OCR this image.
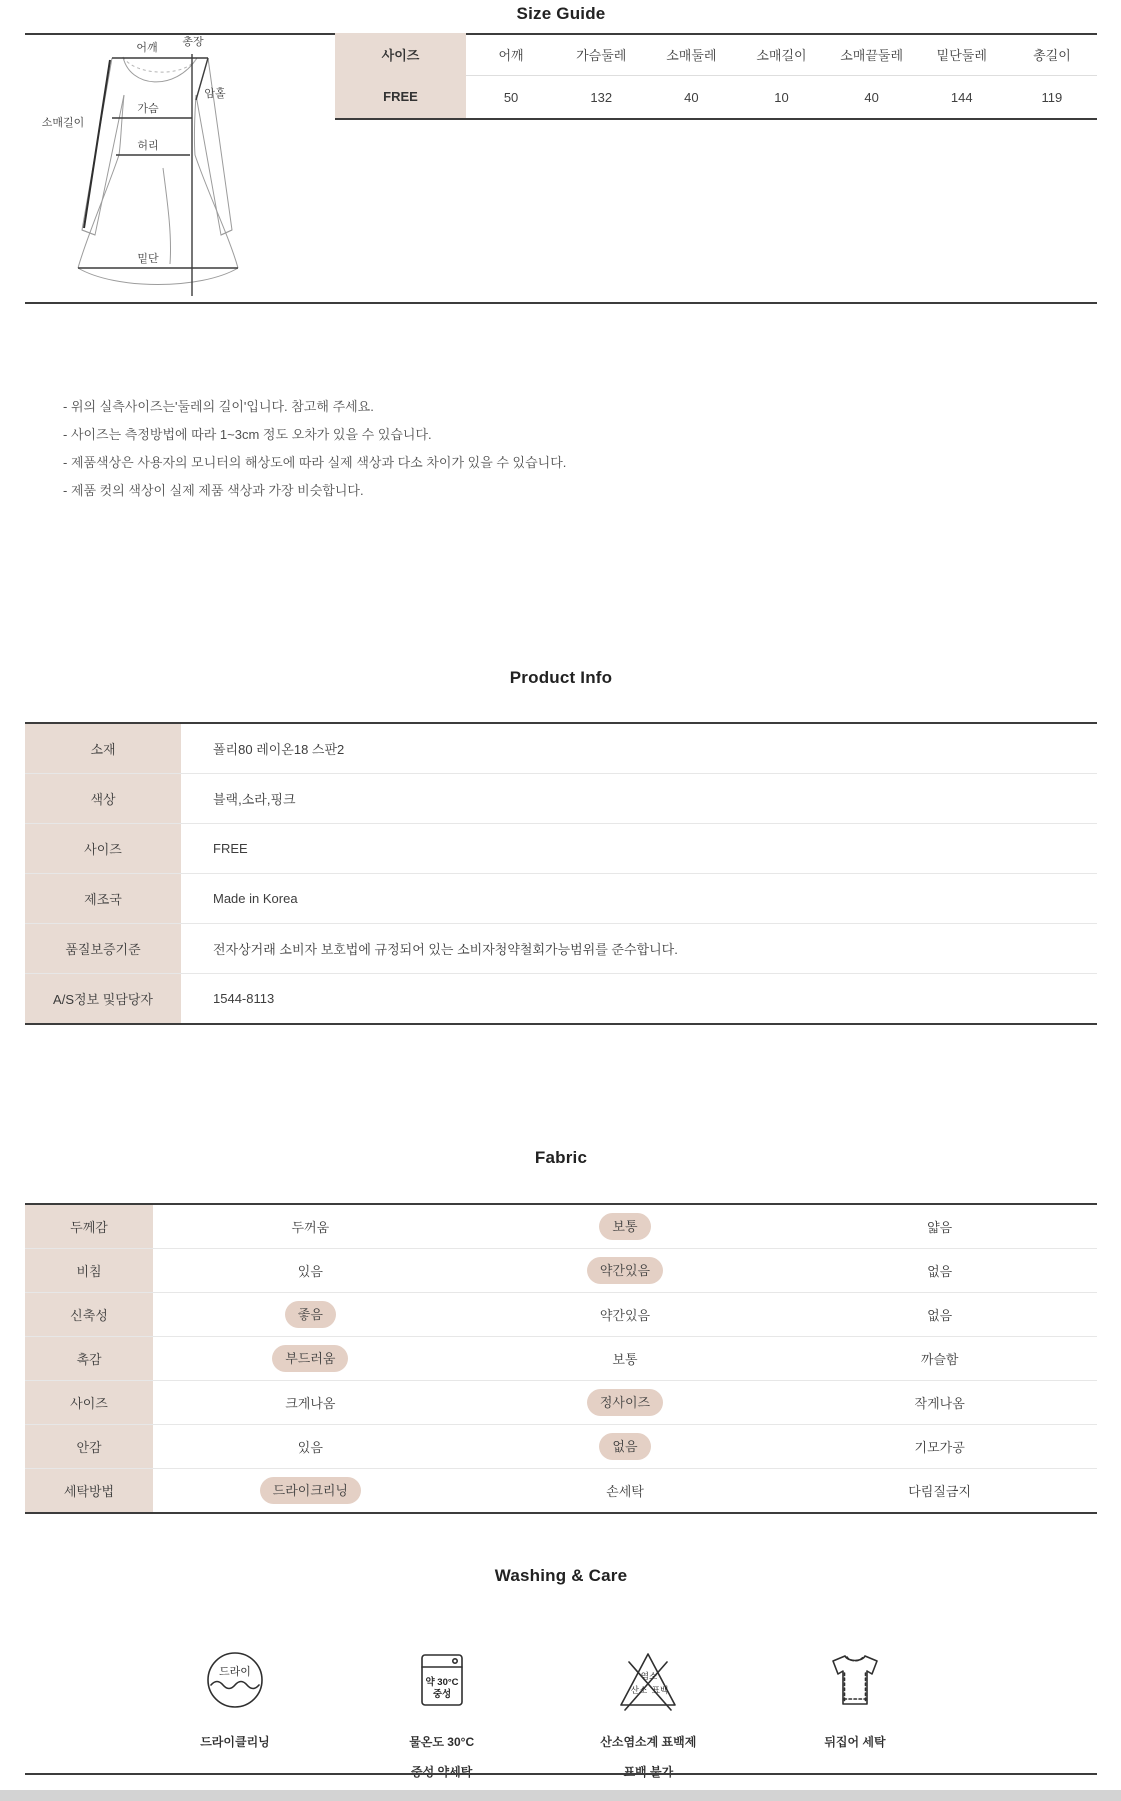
Size Guide
어깨 총장
암홀
가슴
소매길이
허리
밑단
사이즈	어깨	가슴둘레	소매둘레	소매길이	소매끝둘레	밑단둘레	총길이
FREE	50	132	40	10	40	144	119

- 위의 실측사이즈는'둘레의 길이'입니다. 참고해 주세요.

- 사이즈는 측정방법에 따라 1~3cm 정도 오차가 있을 수 있습니다.

- 제품색상은 사용자의 모니터의 해상도에 따라 실제 색상과 다소 차이가 있을 수 있습니다.

- 제품 컷의 색상이 실제 제품 색상과 가장 비슷합니다.

Product Info
소재	폴리80 레이온18 스판2
색상	블랙,소라,핑크
사이즈	FREE
제조국	Made in Korea
품질보증기준	전자상거래 소비자 보호법에 규정되어 있는 소비자청약철회가능범위를 준수합니다.
A/S정보 및담당자	1544-8113
Fabric
두께감	두꺼움	보통	얇음
비침	있음	약간있음	없음
신축성	좋음	약간있음	없음
촉감	부드러움	보통	까슬함
사이즈	크게나옴	정사이즈	작게나옴
안감	있음	없음	기모가공
세탁방법	드라이크리닝	손세탁	다림질금지
Washing & Care
드라이

드라이클리닝

약 30°C
중성

물온도 30°C

중성 약세탁

염소
산소 표백

산소염소계 표백제

표백 불가

뒤집어 세탁
